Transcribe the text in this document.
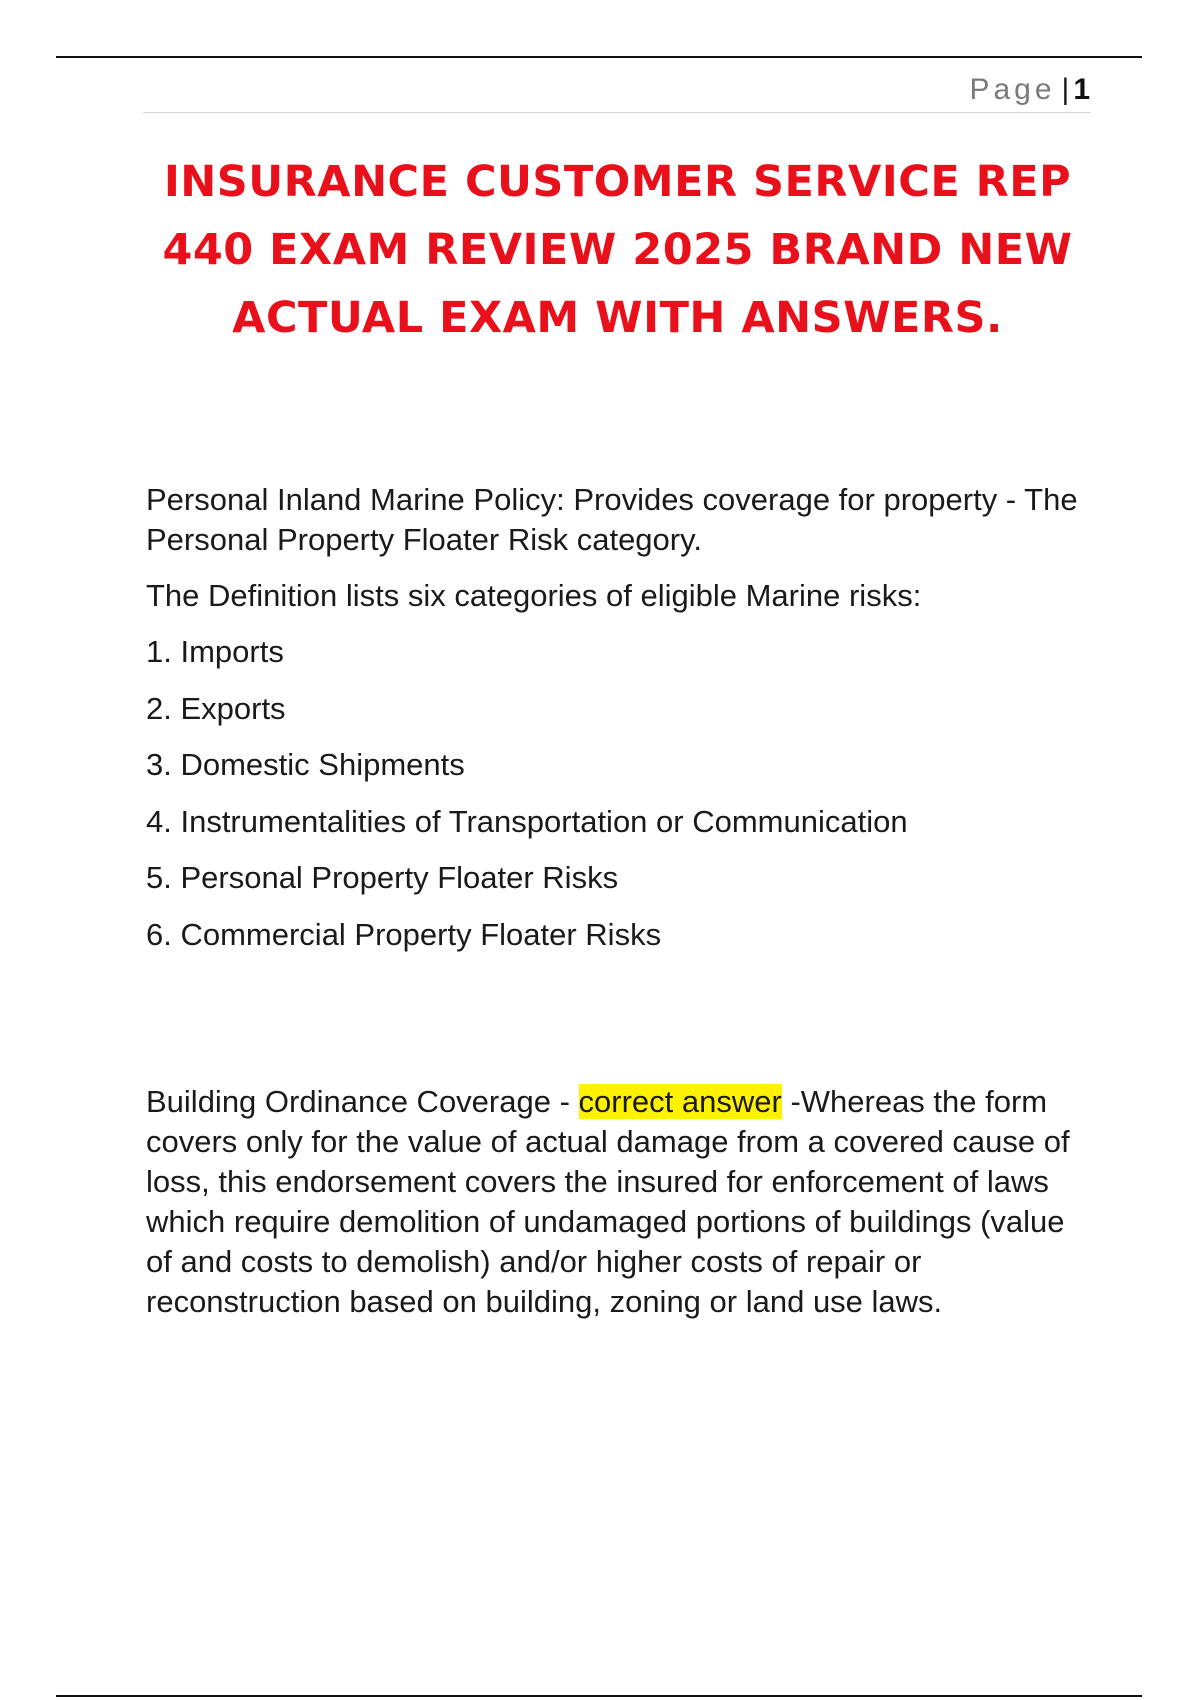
Page | 1
INSURANCE CUSTOMER SERVICE REP
440 EXAM REVIEW 2025 BRAND NEW
ACTUAL EXAM WITH ANSWERS.

Personal Inland Marine Policy: Provides coverage for property - The Personal Property Floater Risk category.

The Definition lists six categories of eligible Marine risks:

1. Imports
2. Exports
3. Domestic Shipments
4. Instrumentalities of Transportation or Communication
5. Personal Property Floater Risks
6. Commercial Property Floater Risks

Building Ordinance Coverage - correct answer -Whereas the form covers only for the value of actual damage from a covered cause of loss, this endorsement covers the insured for enforcement of laws which require demolition of undamaged portions of buildings (value of and costs to demolish) and/or higher costs of repair or reconstruction based on building, zoning or land use laws.
